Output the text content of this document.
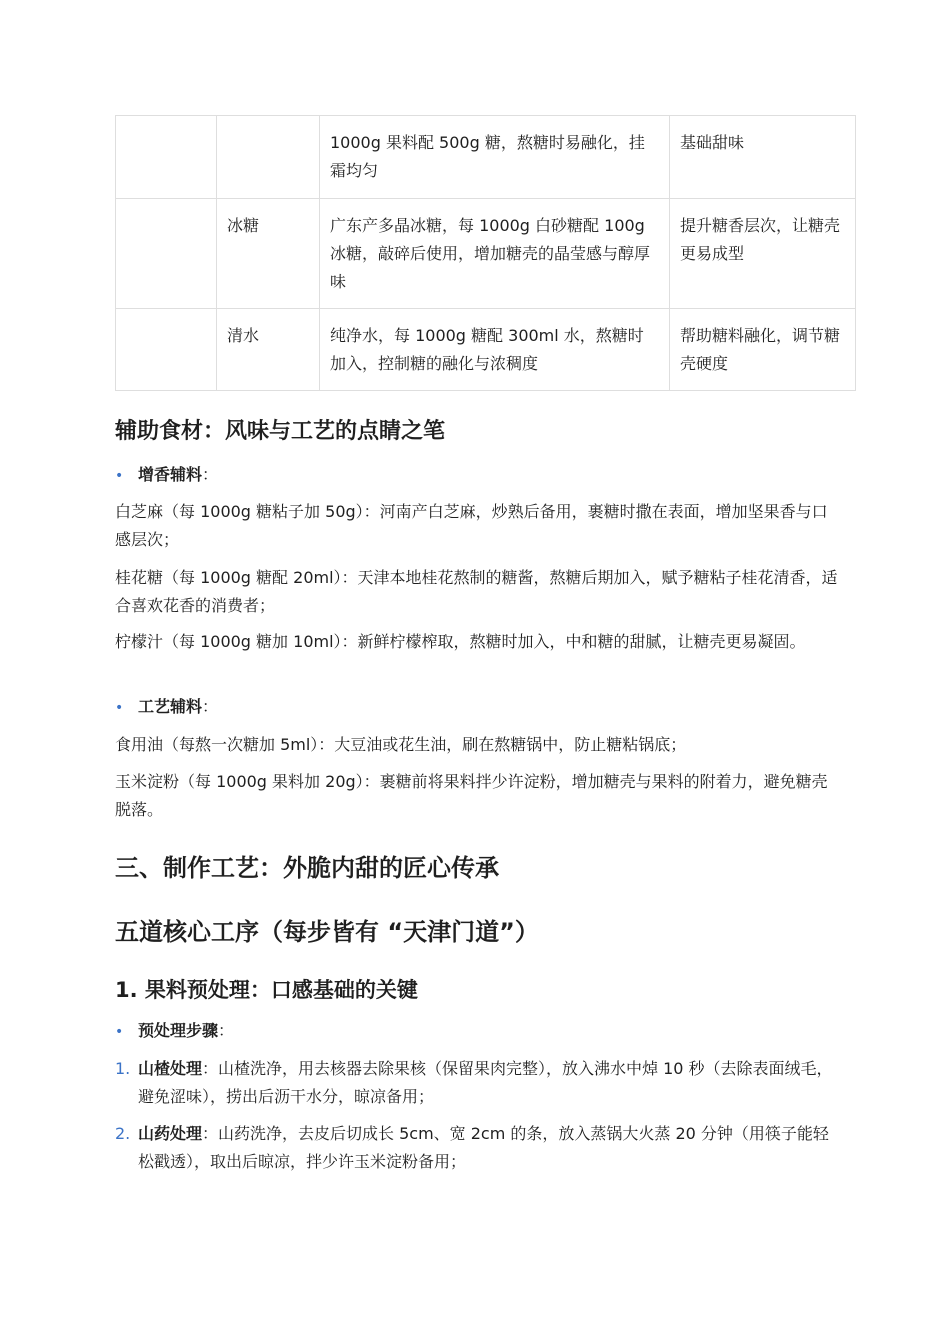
		1000g 果料配 500g 糖，熬糖时易融化，挂霜均匀	基础甜味
	冰糖	广东产多晶冰糖，每 1000g 白砂糖配 100g 冰糖，敲碎后使用，增加糖壳的晶莹感与醇厚味	提升糖香层次，让糖壳更易成型
	清水	纯净水，每 1000g 糖配 300ml 水，熬糖时加入，控制糖的融化与浓稠度	帮助糖料融化，调节糖壳硬度
辅助食材：风味与工艺的点睛之笔
• 增香辅料：

白芝麻（每 1000g 糖粘子加 50g）：河南产白芝麻，炒熟后备用，裹糖时撒在表面，增加坚果香与口感层次；

桂花糖（每 1000g 糖配 20ml）：天津本地桂花熬制的糖酱，熬糖后期加入，赋予糖粘子桂花清香，适合喜欢花香的消费者；

柠檬汁（每 1000g 糖加 10ml）：新鲜柠檬榨取，熬糖时加入，中和糖的甜腻，让糖壳更易凝固。

• 工艺辅料：

食用油（每熬一次糖加 5ml）：大豆油或花生油，刷在熬糖锅中，防止糖粘锅底；

玉米淀粉（每 1000g 果料加 20g）：裹糖前将果料拌少许淀粉，增加糖壳与果料的附着力，避免糖壳脱落。

三、制作工艺：外脆内甜的匠心传承
五道核心工序（每步皆有 “天津门道”）
1. 果料预处理：口感基础的关键
• 预处理步骤：
1. 山楂处理：山楂洗净，用去核器去除果核（保留果肉完整），放入沸水中焯 10 秒（去除表面绒毛，避免涩味），捞出后沥干水分，晾凉备用；
2. 山药处理：山药洗净，去皮后切成长 5cm、宽 2cm 的条，放入蒸锅大火蒸 20 分钟（用筷子能轻松戳透），取出后晾凉，拌少许玉米淀粉备用；
